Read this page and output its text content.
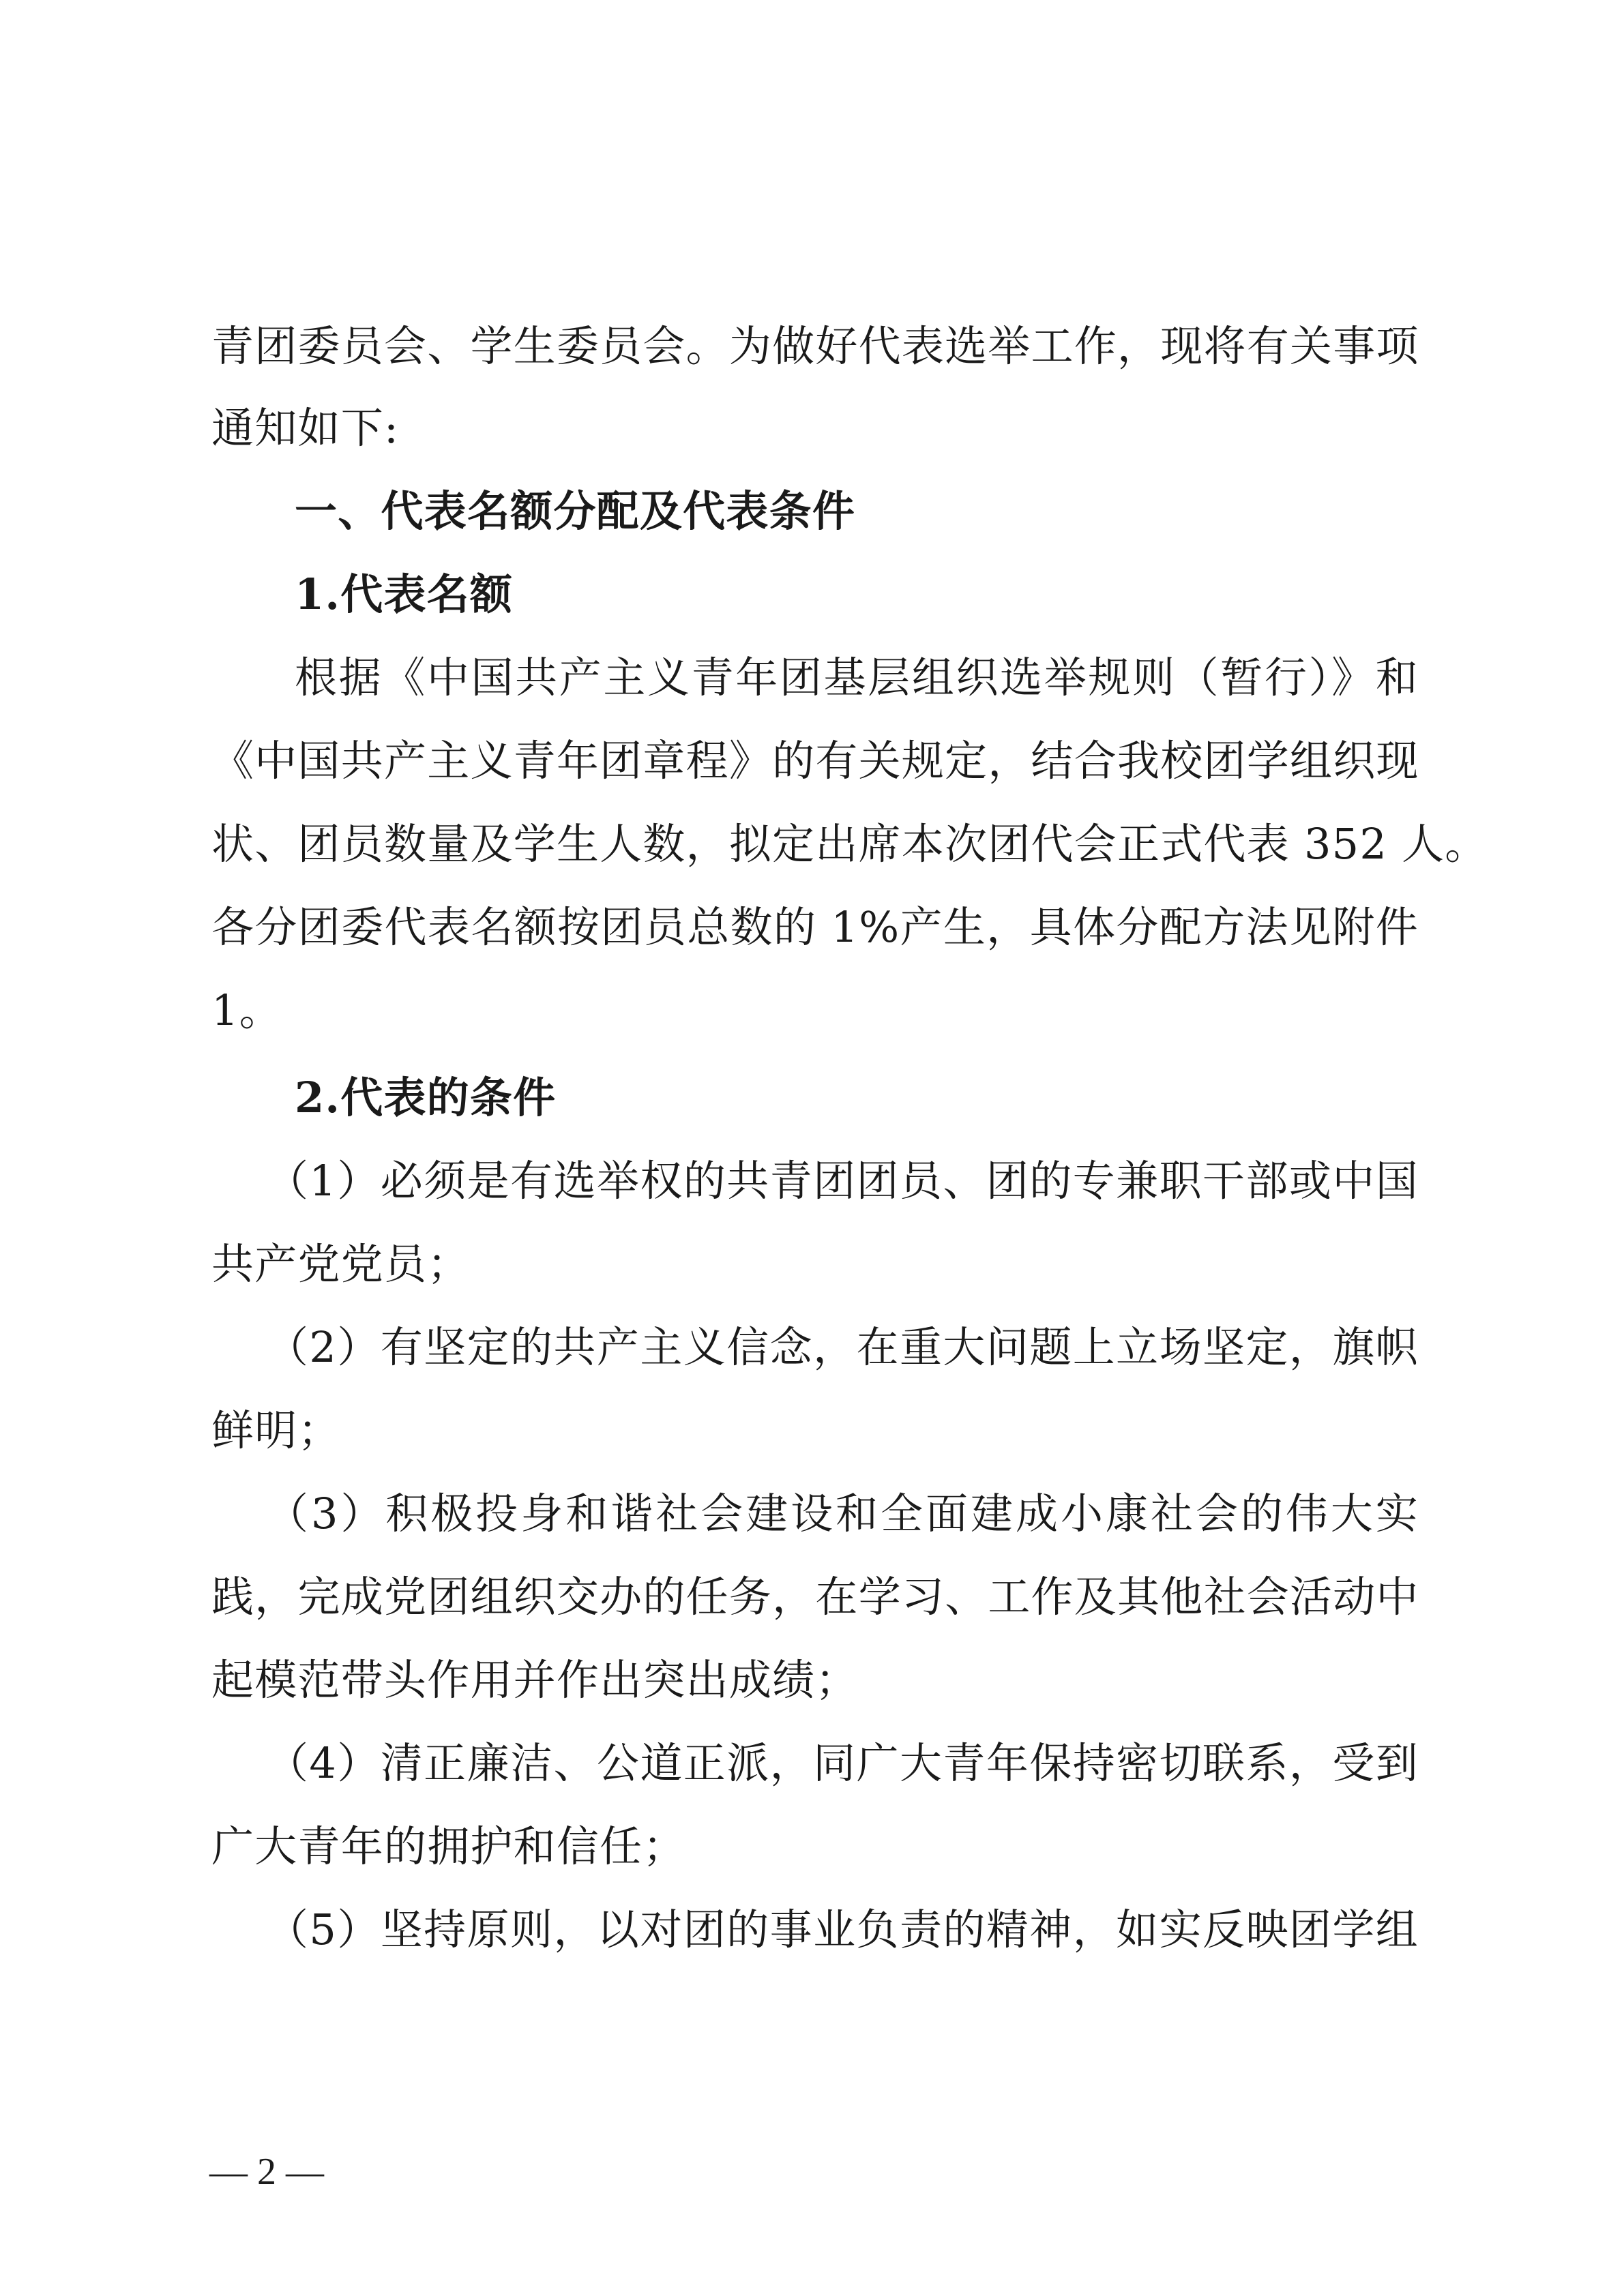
青团委员会、学生委员会。为做好代表选举工作，现将有关事项
通知如下:
一、代表名额分配及代表条件
1.代表名额
根据《中国共产主义青年团基层组织选举规则（暂行）》和
《中国共产主义青年团章程》的有关规定，结合我校团学组织现
状、团员数量及学生人数，拟定出席本次团代会正式代表 352 人。
各分团委代表名额按团员总数的 1%产生，具体分配方法见附件
1。
2.代表的条件
（1）必须是有选举权的共青团团员、团的专兼职干部或中国
共产党党员；
（2）有坚定的共产主义信念，在重大问题上立场坚定，旗帜
鲜明；
（3）积极投身和谐社会建设和全面建成小康社会的伟大实
践，完成党团组织交办的任务，在学习、工作及其他社会活动中
起模范带头作用并作出突出成绩；
（4）清正廉洁、公道正派，同广大青年保持密切联系，受到
广大青年的拥护和信任；
（5）坚持原则，以对团的事业负责的精神，如实反映团学组
— 2 —
